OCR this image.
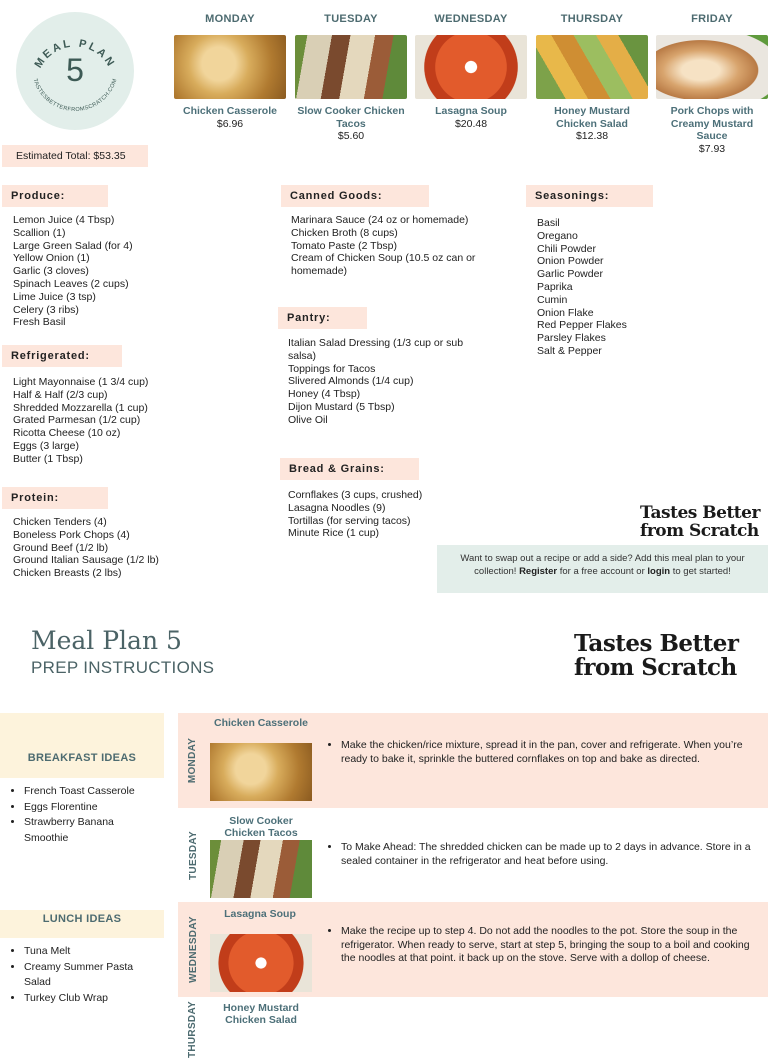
MEAL PLAN
TASTESBETTERFROMSCRATCH.COM
5
MONDAY
Chicken Casserole
$6.96
TUESDAY
Slow Cooker Chicken Tacos
$5.60
WEDNESDAY
Lasagna Soup
$20.48
THURSDAY
Honey Mustard Chicken Salad
$12.38
FRIDAY
Pork Chops with Creamy Mustard Sauce
$7.93
Estimated Total: $53.35
Produce:
Lemon Juice (4 Tbsp)
Scallion (1)
Large Green Salad (for 4)
Yellow Onion (1)
Garlic (3 cloves)
Spinach Leaves (2 cups)
Lime Juice (3 tsp)
Celery (3 ribs)
Fresh Basil
Refrigerated:
Light Mayonnaise (1 3/4 cup)
Half & Half (2/3 cup)
Shredded Mozzarella (1 cup)
Grated Parmesan (1/2 cup)
Ricotta Cheese (10 oz)
Eggs (3 large)
Butter (1 Tbsp)
Protein:
Chicken Tenders (4)
Boneless Pork Chops (4)
Ground Beef (1/2 lb)
Ground Italian Sausage (1/2 lb)
Chicken Breasts (2 lbs)
Canned Goods:
Marinara Sauce (24 oz or homemade)
Chicken Broth (8 cups)
Tomato Paste (2 Tbsp)
Cream of Chicken Soup (10.5 oz can or homemade)
Pantry:
Italian Salad Dressing (1/3 cup or sub salsa)
Toppings for Tacos
Slivered Almonds (1/4 cup)
Honey (4 Tbsp)
Dijon Mustard (5 Tbsp)
Olive Oil
Bread & Grains:
Cornflakes (3 cups, crushed)
Lasagna Noodles (9)
Tortillas (for serving tacos)
Minute Rice (1 cup)
Seasonings:
Basil
Oregano
Chili Powder
Onion Powder
Garlic Powder
Paprika
Cumin
Onion Flake
Red Pepper Flakes
Parsley Flakes
Salt & Pepper
Tastes Better
from Scratch
Want to swap out a recipe or add a side? Add this meal plan to your collection! Register for a free account or login to get started!
Meal Plan 5
PREP INSTRUCTIONS
Tastes Better
from Scratch
BREAKFAST IDEAS
• French Toast Casserole
• Eggs Florentine
• Strawberry Banana Smoothie
LUNCH IDEAS
• Tuna Melt
• Creamy Summer Pasta Salad
• Turkey Club Wrap
MONDAY
Chicken Casserole
• Make the chicken/rice mixture, spread it in the pan, cover and refrigerate. When you’re ready to bake it, sprinkle the buttered cornflakes on top and bake as directed.
TUESDAY
Slow Cooker Chicken Tacos
• To Make Ahead: The shredded chicken can be made up to 2 days in advance. Store in a sealed container in the refrigerator and heat before using.
WEDNESDAY
Lasagna Soup
• Make the recipe up to step 4. Do not add the noodles to the pot. Store the soup in the refrigerator. When ready to serve, start at step 5, bringing the soup to a boil and cooking the noodles at that point. it back up on the stove. Serve with a dollop of cheese.
THURSDAY	Honey Mustard Chicken Salad
